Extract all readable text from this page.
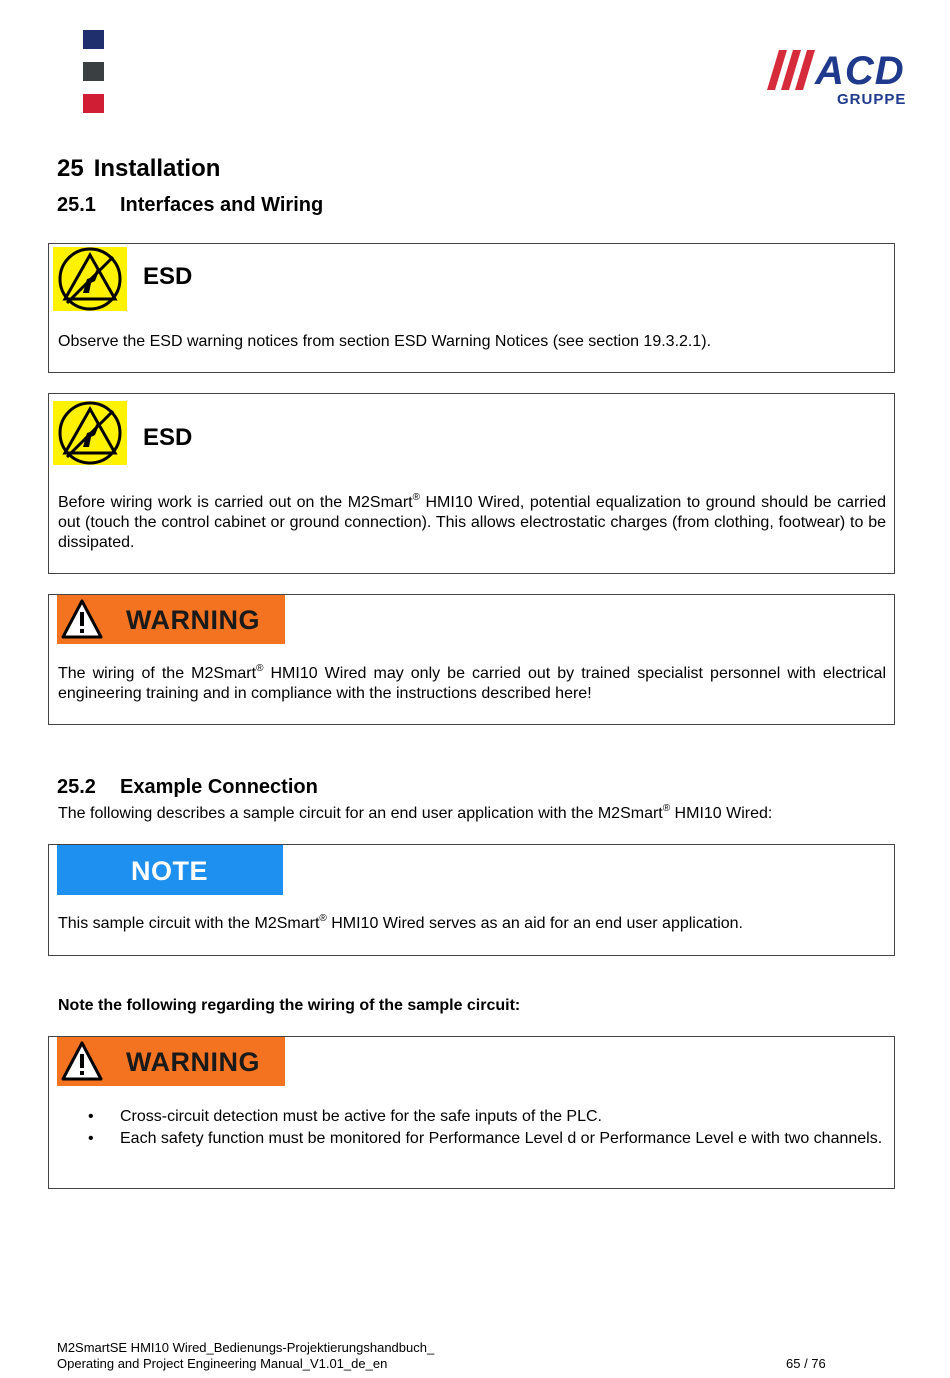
ACD
GRUPPE
25 Installation
25.1 Interfaces and Wiring
ESD
Observe the ESD warning notices from section ESD Warning Notices (see section 19.3.2.1).
ESD
Before wiring work is carried out on the M2Smart® HMI10 Wired, potential equalization to ground should be carried out (touch the control cabinet or ground connection). This allows electrostatic charges (from clothing, footwear) to be dissipated.
WARNING
The wiring of the M2Smart® HMI10 Wired may only be carried out by trained specialist personnel with electrical engineering training and in compliance with the instructions described here!
25.2 Example Connection
The following describes a sample circuit for an end user application with the M2Smart® HMI10 Wired:
NOTE
This sample circuit with the M2Smart® HMI10 Wired serves as an aid for an end user application.
Note the following regarding the wiring of the sample circuit:
WARNING
• Cross-circuit detection must be active for the safe inputs of the PLC.
• Each safety function must be monitored for Performance Level d or Performance Level e with two channels.
M2SmartSE HMI10 Wired_Bedienungs-Projektierungshandbuch_
Operating and Project Engineering Manual_V1.01_de_en	65 / 76
